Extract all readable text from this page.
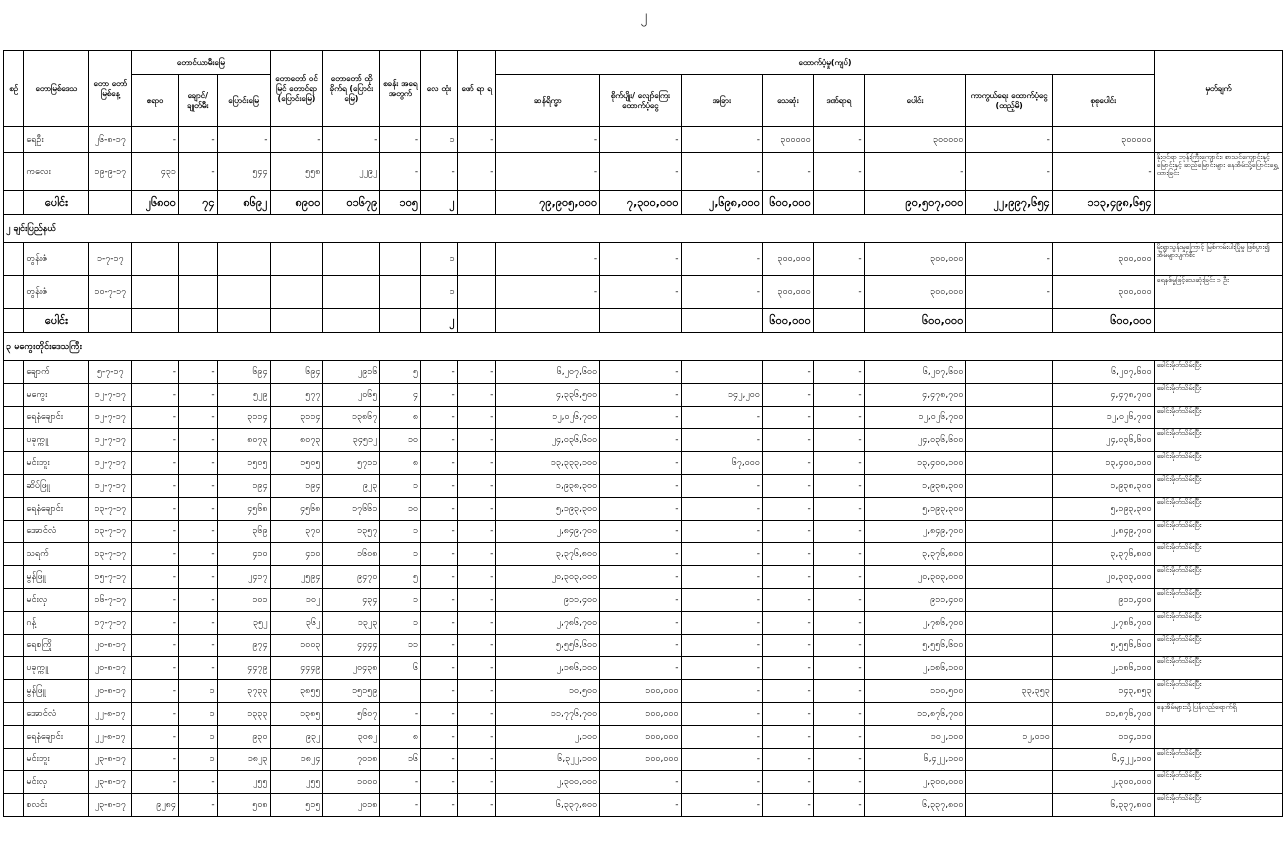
၂
စဥ်	တောမြစ်ဒေသ	တော တော် မြစ်နေ့	တောင်ယာမီးမြေ			တောတော် ဝင်မြင် တောင်ရာ (ပြောင်းမြေ)	တောတော် ထိုခိုက်ရ (ပြောင်းမြေ)	စခန်း အရေ အတွက်	လေ ထုံး	ဖော် ရာ ရ	ထောက်ပံ့မှု(ကျပ်)								မှတ်ချက်
			ဧရာဝ	ချောင်/ ချုတ်မီး	ပြောင်းမြေ						ဆန်ရိက္ခာ	စိုက်ပျိုး/ လျော်ကြေး ထောက်ပံ့ငွေ	အခြား	သေဆုံး	ဒဏ်ရာရ	ပေါင်း	ကာကွယ်ရေး ထောက်ပံ့ငွေ (ထည့်မိ)	စုစုပေါင်း	
	ရေဦး	၂၆-၈-၁၇	-	-	-	-	-	-	၁	-	-	-	-	၃၀၀၀၀၀	-	၃၀၀၀၀၀	-	၃၀၀၀၀၀	
	ကလေး	၁၉-၉-၁၇	၄၃၁	-	၅၄၄	၅၅၈	၂၂၉၂	-	-	-	-	-	-	-	-	-	-	-	နိုးဝင်ရာ ဘုန်းကြီးကျောင်း၊ စာသင်ကျောင်းနှင့် မြောင်းနှင့် ဆည်မြောင်းများ နေအိမ်သို့ပြောင်းရွှေ့ထားခြင်း
	ပေါင်း		၂၆၈၀၀	၇၄	၈၆၉၂	၈၉၀၀	၀၁၆၇၉	၁၀၅	၂		၇၉,၉၀၅,၀၀၀	၇,၃၀၀,၀၀၀	၂,၆၉၈,၀၀၀	၆၀၀,၀၀၀		၉၀,၅၀၇,၀၀၀	၂၂,၉၉၇,၆၅၄	၁၁၃,၄၉၈,၆၅၄	
၂ ချင်းပြည်နယ်																			
	တွန်းဇံ	၁-၇-၁၇							၁		-	-	-	၃၀၀,၀၀၀	-	၃၀၀,၀၀၀	-	၃၀၀,၀၀၀	မိုးရွာသွန်းမှုကြောင့် မြစ်ကမ်းပါးပြိုမှု ဖြစ်ပွား၍ အိမ်များပျက်စီး
	တွန်းဇံ	၁၀-၇-၁၇							၁		-	-	-	၃၀၀,၀၀၀	-	၃၀၀,၀၀၀	-	၃၀၀,၀၀၀	ရေနစ်မှုဖြင့်သေဆုံးခြင်း ၁ ဦး
	ပေါင်း								၂					၆၀၀,၀၀၀		၆၀၀,၀၀၀		၆၀၀,၀၀၀	
၃ မကွေးတိုင်းဒေသကြီး																			
	ချောက်	၅-၇-၁၇	-	-	၆၉၄	၆၉၄	၂၉၁၆	၅	-	-	၆,၂၀၇,၆၀၀	-		-	-	၆,၂၀၇,၆၀၀		၆,၂၀၇,၆၀၀	ခေါင်းမိုတ်သိမ်းပြီး
	မကွေး	၁၂-၇-၁၇	-	-	၅၂၉	၅၇၇	၂၀၆၅	၄	-	-	၄,၃၃၆,၅၀၀	-	၁၄၂,၂၀၀	-	-	၄,၄၇၈,၇၀၀		၄,၄၇၈,၇၀၀	ခေါင်းမိုတ်သိမ်းပြီး
	ရေနံချောင်း	၁၂-၇-၁၇	-	-	၃၁၁၄	၃၁၁၄	၁၃၈၆၇	၈	-	-	၁၂,၀၂၆,၇၀၀	-	-	-	-	၁၂,၀၂၆,၇၀၀		၁၂,၀၂၆,၇၀၀	ခေါင်းမိုတ်သိမ်းပြီး
	ပခုက္ကူ	၁၂-၇-၁၇	-	-	၈၀၇၃	၈၀၇၃	၃၄၅၁၂	၁၀	-	-	၂၄,၀၃၆,၆၀၀	-	-	-	-	၂၄,၀၃၆,၆၀၀		၂၄,၀၃၆,၆၀၀	ခေါင်းမိုတ်သိမ်းပြီး
	မင်းဘူး	၁၂-၇-၁၇	-	-	၁၅၀၅	၁၅၀၅	၅၇၁၁	၈	-	-	၁၃,၃၃၃,၁၀၀	-	၆၇,၀၀၀	-	-	၁၃,၄၀၀,၁၀၀		၁၃,၄၀၀,၁၀၀	ခေါင်းမိုတ်သိမ်းပြီး
	ဆိပ်ဖြူ	၁၂-၇-၁၇	-	-	၁၉၄	၁၉၄	၉၂၃	၁	-	-	၁,၉၃၈,၃၀၀	-	-	-	-	၁,၉၃၈,၃၀၀		၁,၉၃၈,၃၀၀	ခေါင်းမိုတ်သိမ်းပြီး
	ရေနံချောင်း	၁၃-၇-၁၇	-	-	၄၅၆၈	၄၅၆၈	၁၇၆၆၁	၁၀	-	-	၅,၁၉၃,၃၀၀	-	-	-	-	၅,၁၉၃,၃၀၀		၅,၁၉၃,၃၀၀	ခေါင်းမိုတ်သိမ်းပြီး
	အောင်လံ	၁၃-၇-၁၇	-	-	၃၆၉	၃၇၀	၁၃၅၇	၁	-	-	၂,၈၄၉,၇၀၀	-	-	-	-	၂,၈၄၉,၇၀၀		၂,၈၄၉,၇၀၀	ခေါင်းမိုတ်သိမ်းပြီး
	သရက်	၁၃-၇-၁၇	-	-	၄၁၀	၄၁၀	၁၆၀၈	၁	-	-	၃,၃၇၆,၈၀၀	-	-	-	-	၃,၃၇၆,၈၀၀		၃,၃၇၆,၈၀၀	ခေါင်းမိုတ်သိမ်းပြီး
	မွန်ဖြူ	၁၅-၇-၁၇	-	-	၂၄၁၇	၂၅၉၄	၉၄၇၀	၅	-	-	၂၀,၃၀၃,၀၀၀	-	-	-	-	၂၀,၃၀၃,၀၀၀		၂၀,၃၀၃,၀၀၀	ခေါင်းမိုတ်သိမ်းပြီး
	မင်းလှ	၁၆-၇-၁၇	-	-	၁၀၁	၁၀၂	၄၃၄	၁	-	-	၉၁၁,၄၀၀	-	-	-	-	၉၁၁,၄၀၀		၉၁၁,၄၀၀	ခေါင်းမိုတ်သိမ်းပြီး
	ဂန့်	၁၇-၇-၁၇	-	-	၃၅၂	၃၆၂	၁၃၂၃	၁	-	-	၂,၇၈၆,၇၀၀	-	-	-	-	၂,၇၈၆,၇၀၀		၂,၇၈၆,၇၀၀	ခေါင်းမိုတ်သိမ်းပြီး
	ရေစကြို	၂၀-၈-၁၇	-	-	၉၇၄	၁၀၀၃	၄၄၄၄	၁၁	-	-	၅,၅၅၆,၆၀၀	-	-	-	-	၅,၅၅၆,၆၀၀		၅,၅၅၆,၆၀၀	ခေါင်းမိုတ်သိမ်းပြီး
	ပခုက္ကူ	၂၀-၈-၁၇	-	-	၄၄၇၉	၄၄၄၉	၂၀၄၃၈	၆	-	-	၂,၁၈၆,၁၀၀	-	-	-	-	၂,၁၈၆,၁၀၀		၂,၁၈၆,၁၀၀	ခေါင်းမိုတ်သိမ်းပြီး
	မွန်ဖြူ	၂၀-၈-၁၇	-	၁	၃၇၃၃	၃၈၅၅	၁၅၁၅၉		-	-	၁၀,၅၀၀	၁၀၀,၀၀၀	-	-	-	၁၁၀,၅၀၀	၃၃,၃၅၃	၁၄၃,၈၅၃	ခေါင်းမိုတ်သိမ်းပြီး
	အောင်လံ	၂၂-၈-၁၇	-	၁	၁၃၃၃	၁၃၈၅	၅၆၀၇	-	-	-	၁၁,၇၇၆,၇၀၀	၁၀၀,၀၀၀	-	-	-	၁၁,၈၇၆,၇၀၀		၁၁,၈၇၆,၇၀၀	နေအိမ်များသို့ပြန်လည်ရောက်ရှိ
	ရေနံချောင်း	၂၂-၈-၁၇	-	၁	၉၃၀	၉၃၂	၃၀၈၂	၈	-	-	၂,၁၀၀	၁၀၀,၀၀၀	-	-	-	၁၀၂,၁၀၀	၁၂,၀၁၀	၁၁၄,၁၁၀	
	မင်းဘူး	၂၃-၈-၁၇	-	၁	၁၈၂၃	၁၈၂၄	၇၀၁၈	၁၆	-	-	၆,၃၂၂,၁၀၀	၁၀၀,၀၀၀	-	-	-	၆,၄၂၂,၁၀၀		၆,၄၂၂,၁၀၀	ခေါင်းမိုတ်သိမ်းပြီး
	မင်းလှ	၂၃-၈-၁၇	-	-	၂၅၅	၂၅၅	၁၀၀၀	-	-	-	၂,၃၀၀,၀၀၀	-	-	-	-	၂,၃၀၀,၀၀၀		၂,၃၀၀,၀၀၀	ခေါင်းမိုတ်သိမ်းပြီး
	စလင်း	၂၃-၈-၁၇	၉၂၈၄	-	၅၀၈	၅၁၅	၂၀၁၈	-	-	-	၆,၃၃၇,၈၀၀	-	-	-	-	၆,၃၃၇,၈၀၀		၆,၃၃၇,၈၀၀	ခေါင်းမိုတ်သိမ်းပြီး
